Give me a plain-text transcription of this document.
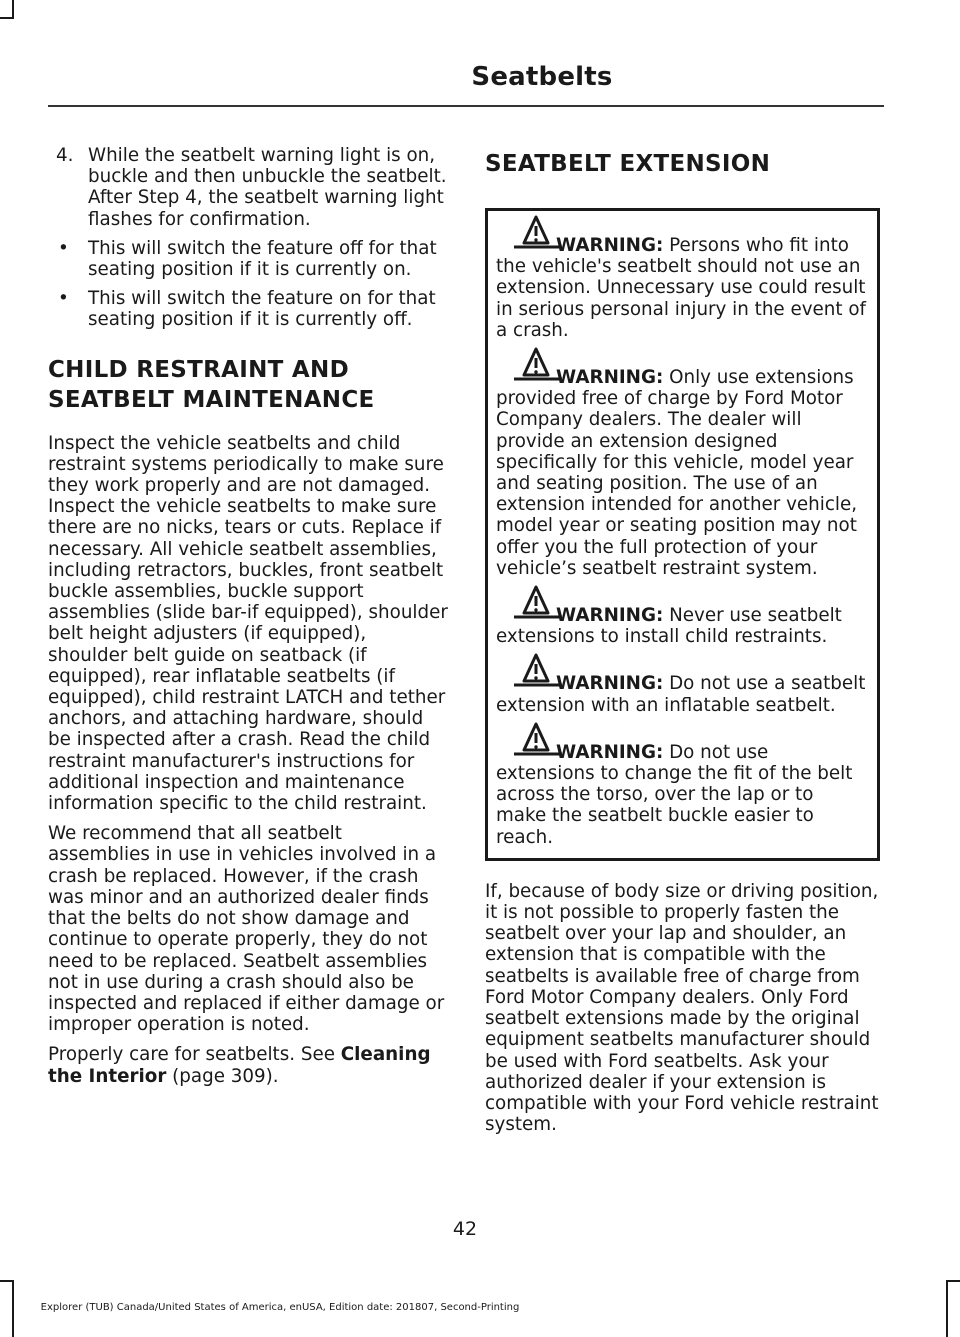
Seatbelts
4. While the seatbelt warning light is on, buckle and then unbuckle the seatbelt. After Step 4, the seatbelt warning light flashes for confirmation.
• This will switch the feature off for that seating position if it is currently on.
• This will switch the feature on for that seating position if it is currently off.
CHILD RESTRAINT AND
SEATBELT MAINTENANCE
Inspect the vehicle seatbelts and child restraint systems periodically to make sure they work properly and are not damaged. Inspect the vehicle seatbelts to make sure there are no nicks, tears or cuts. Replace if necessary. All vehicle seatbelt assemblies, including retractors, buckles, front seatbelt buckle assemblies, buckle support assemblies (slide bar-if equipped), shoulder belt height adjusters (if equipped), shoulder belt guide on seatback (if equipped), rear inflatable seatbelts (if equipped), child restraint LATCH and tether anchors, and attaching hardware, should be inspected after a crash. Read the child restraint manufacturer's instructions for additional inspection and maintenance information specific to the child restraint.
We recommend that all seatbelt assemblies in use in vehicles involved in a crash be replaced. However, if the crash was minor and an authorized dealer finds that the belts do not show damage and continue to operate properly, they do not need to be replaced. Seatbelt assemblies not in use during a crash should also be inspected and replaced if either damage or improper operation is noted.
Properly care for seatbelts. See Cleaning the Interior (page 309).
SEATBELT EXTENSION
WARNING: Persons who fit into the vehicle's seatbelt should not use an extension. Unnecessary use could result in serious personal injury in the event of a crash.
WARNING: Only use extensions provided free of charge by Ford Motor Company dealers. The dealer will provide an extension designed specifically for this vehicle, model year and seating position. The use of an extension intended for another vehicle, model year or seating position may not offer you the full protection of your vehicle’s seatbelt restraint system.
WARNING: Never use seatbelt extensions to install child restraints.
WARNING: Do not use a seatbelt extension with an inflatable seatbelt.
WARNING: Do not use extensions to change the fit of the belt across the torso, over the lap or to make the seatbelt buckle easier to reach.
If, because of body size or driving position, it is not possible to properly fasten the seatbelt over your lap and shoulder, an extension that is compatible with the seatbelts is available free of charge from Ford Motor Company dealers. Only Ford seatbelt extensions made by the original equipment seatbelts manufacturer should be used with Ford seatbelts. Ask your authorized dealer if your extension is compatible with your Ford vehicle restraint system.
42
Explorer (TUB) Canada/United States of America, enUSA, Edition date: 201807, Second-Printing
